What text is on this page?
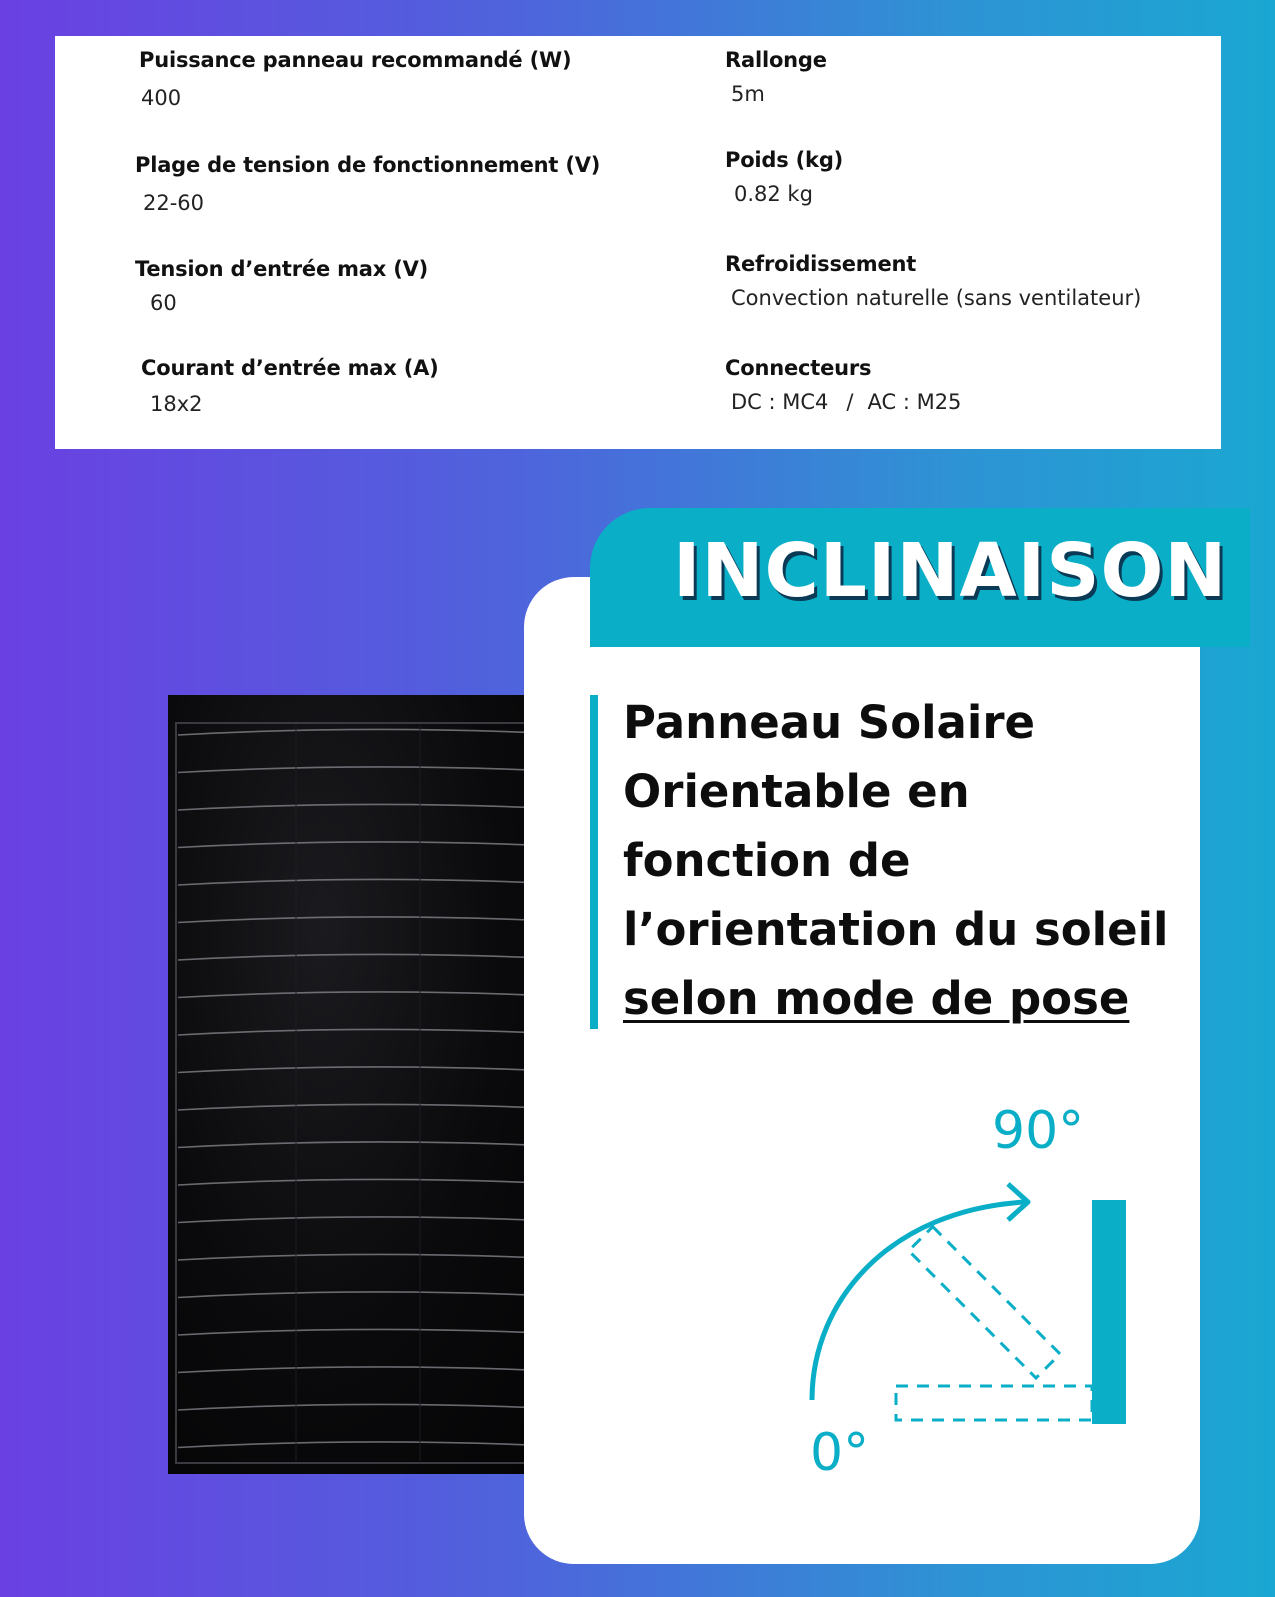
Puissance panneau recommandé (W)
400
Plage de tension de fonctionnement (V)
22-60
Tension d’entrée max (V)
60
Courant d’entrée max (A)
18x2
Rallonge
5m
Poids (kg)
0.82 kg
Refroidissement
Convection naturelle (sans ventilateur)
Connecteurs
DC : MC4 / AC : M25
INCLINAISON
Panneau Solaire Orientable en fonction de l’orientation du soleil selon mode de pose
90°
0°
